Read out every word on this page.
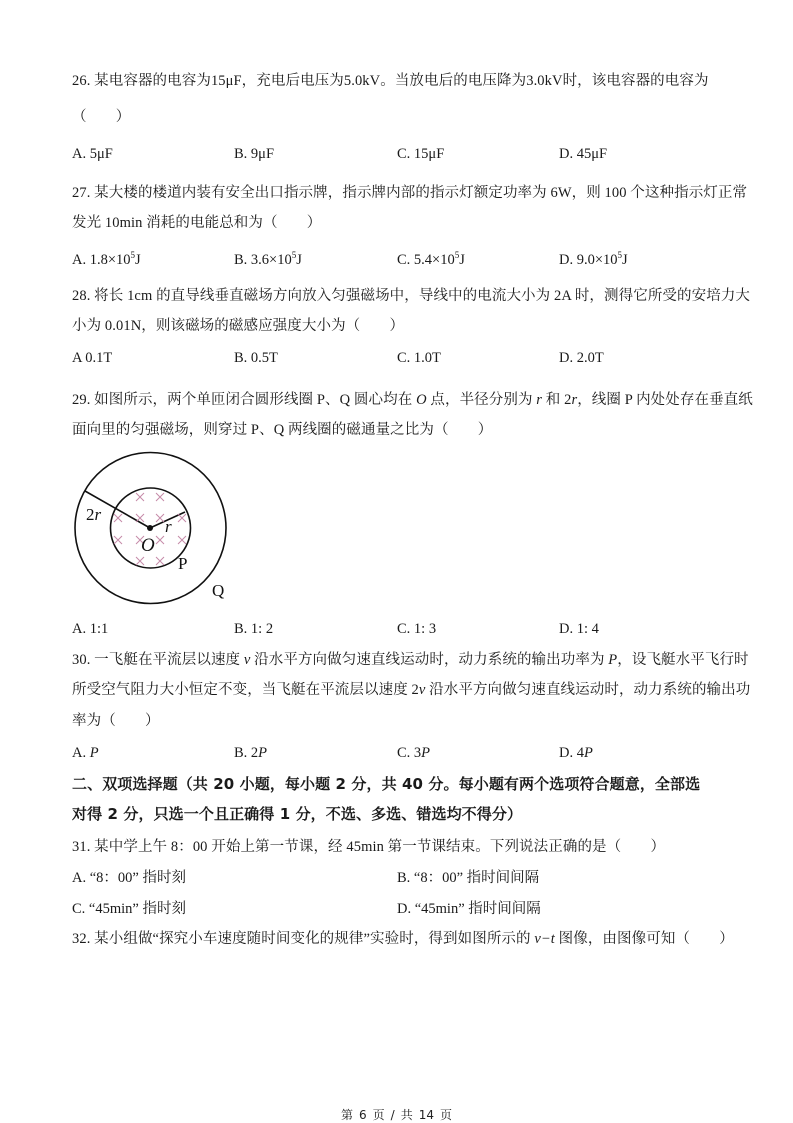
26. 某电容器的电容为15μF，充电后电压为5.0kV。当放电后的电压降为3.0kV时，该电容器的电容为
（　　）
A. 5μF	B. 9μF	C. 15μF	D. 45μF
27. 某大楼的楼道内装有安全出口指示牌，指示牌内部的指示灯额定功率为 6W，则 100 个这种指示灯正常
发光 10min 消耗的电能总和为（　　）
A. $1.8\times 10^5J$	B. $3.6\times 10^5J$	C. $5.4\times 10^5J$	D. $9.0\times 10^5J$
28. 将长 1cm 的直导线垂直磁场方向放入匀强磁场中，导线中的电流大小为 2A 时，测得它所受的安培力大
小为 0.01N，则该磁场的磁感应强度大小为（　　）
A 0.1T	B. 0.5T	C. 1.0T	D. 2.0T
29. 如图所示，两个单匝闭合圆形线圈 P、Q 圆心均在 O 点，半径分别为 r 和 2r，线圈 P 内处处存在垂直纸
面向里的匀强磁场，则穿过 P、Q 两线圈的磁通量之比为（　　）
2r
r
O
P
Q
A. 1:1	B. 1: 2	C. 1: 3	D. 1: 4
30. 一飞艇在平流层以速度 v 沿水平方向做匀速直线运动时，动力系统的输出功率为 P，设飞艇水平飞行时
所受空气阻力大小恒定不变，当飞艇在平流层以速度 2v 沿水平方向做匀速直线运动时，动力系统的输出功
率为（　　）
A. P	B. 2P	C. 3P	D. 4P
二、双项选择题（共 20 小题，每小题 2 分，共 40 分。每小题有两个选项符合题意，全部选
对得 2 分，只选一个且正确得 1 分，不选、多选、错选均不得分）
31. 某中学上午 8：00 开始上第一节课，经 45min 第一节课结束。下列说法正确的是（　　）
A. “8：00” 指时刻	B. “8：00” 指时间间隔
C. “45min” 指时刻	D. “45min” 指时间间隔
32. 某小组做“探究小车速度随时间变化的规律”实验时，得到如图所示的 v−t 图像，由图像可知（　　）
第 6 页 / 共 14 页
